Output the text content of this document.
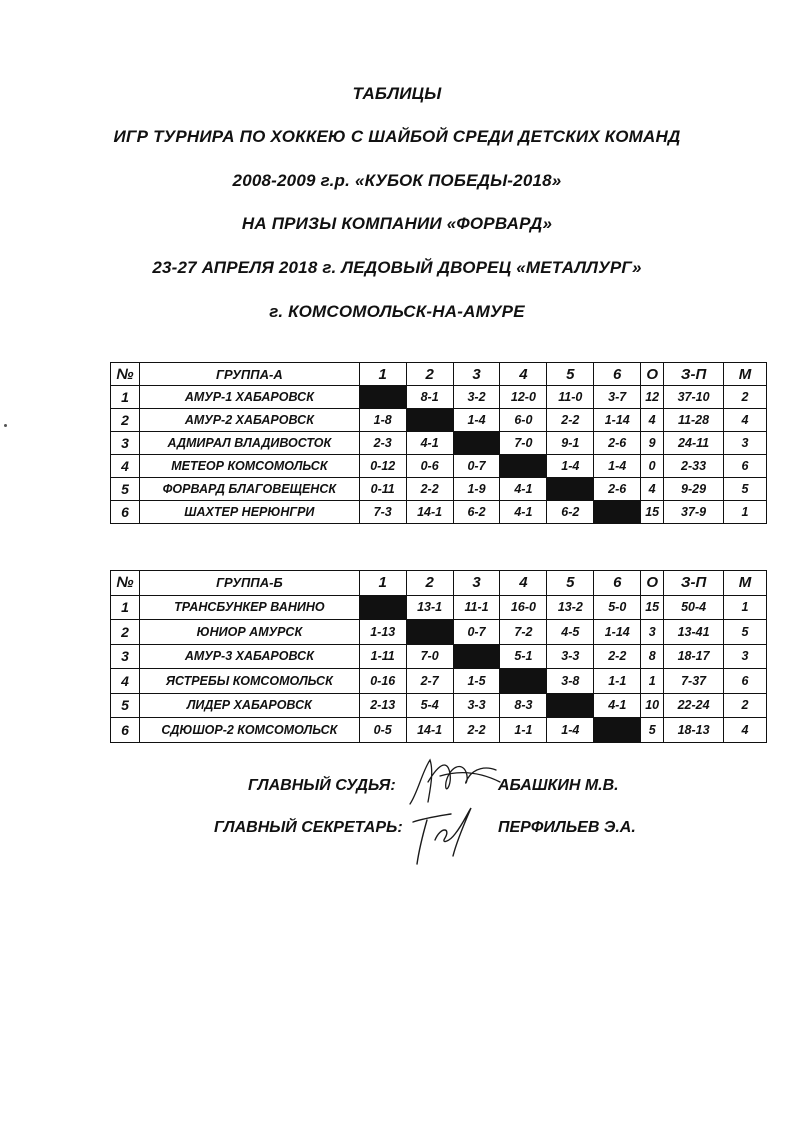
ТАБЛИЦЫ
ИГР ТУРНИРА ПО ХОККЕЮ С ШАЙБОЙ СРЕДИ ДЕТСКИХ КОМАНД
2008-2009 г.р. «КУБОК ПОБЕДЫ-2018»
НА ПРИЗЫ КОМПАНИИ «ФОРВАРД»
23-27 АПРЕЛЯ 2018 г. ЛЕДОВЫЙ ДВОРЕЦ «МЕТАЛЛУРГ»
г. КОМСОМОЛЬСК-НА-АМУРЕ
№	ГРУППА-А	1	2	3	4	5	6	О	З-П	М
1	АМУР-1 ХАБАРОВСК		8-1	3-2	12-0	11-0	3-7	12	37-10	2
2	АМУР-2 ХАБАРОВСК	1-8		1-4	6-0	2-2	1-14	4	11-28	4
3	АДМИРАЛ ВЛАДИВОСТОК	2-3	4-1		7-0	9-1	2-6	9	24-11	3
4	МЕТЕОР КОМСОМОЛЬСК	0-12	0-6	0-7		1-4	1-4	0	2-33	6
5	ФОРВАРД БЛАГОВЕЩЕНСК	0-11	2-2	1-9	4-1		2-6	4	9-29	5
6	ШАХТЕР НЕРЮНГРИ	7-3	14-1	6-2	4-1	6-2		15	37-9	1
№	ГРУППА-Б	1	2	3	4	5	6	О	З-П	М
1	ТРАНСБУНКЕР ВАНИНО		13-1	11-1	16-0	13-2	5-0	15	50-4	1
2	ЮНИОР АМУРСК	1-13		0-7	7-2	4-5	1-14	3	13-41	5
3	АМУР-3 ХАБАРОВСК	1-11	7-0		5-1	3-3	2-2	8	18-17	3
4	ЯСТРЕБЫ КОМСОМОЛЬСК	0-16	2-7	1-5		3-8	1-1	1	7-37	6
5	ЛИДЕР ХАБАРОВСК	2-13	5-4	3-3	8-3		4-1	10	22-24	2
6	СДЮШОР-2 КОМСОМОЛЬСК	0-5	14-1	2-2	1-1	1-4		5	18-13	4
ГЛАВНЫЙ СУДЬЯ:	АБАШКИН М.В.
ГЛАВНЫЙ СЕКРЕТАРЬ:	ПЕРФИЛЬЕВ Э.А.
